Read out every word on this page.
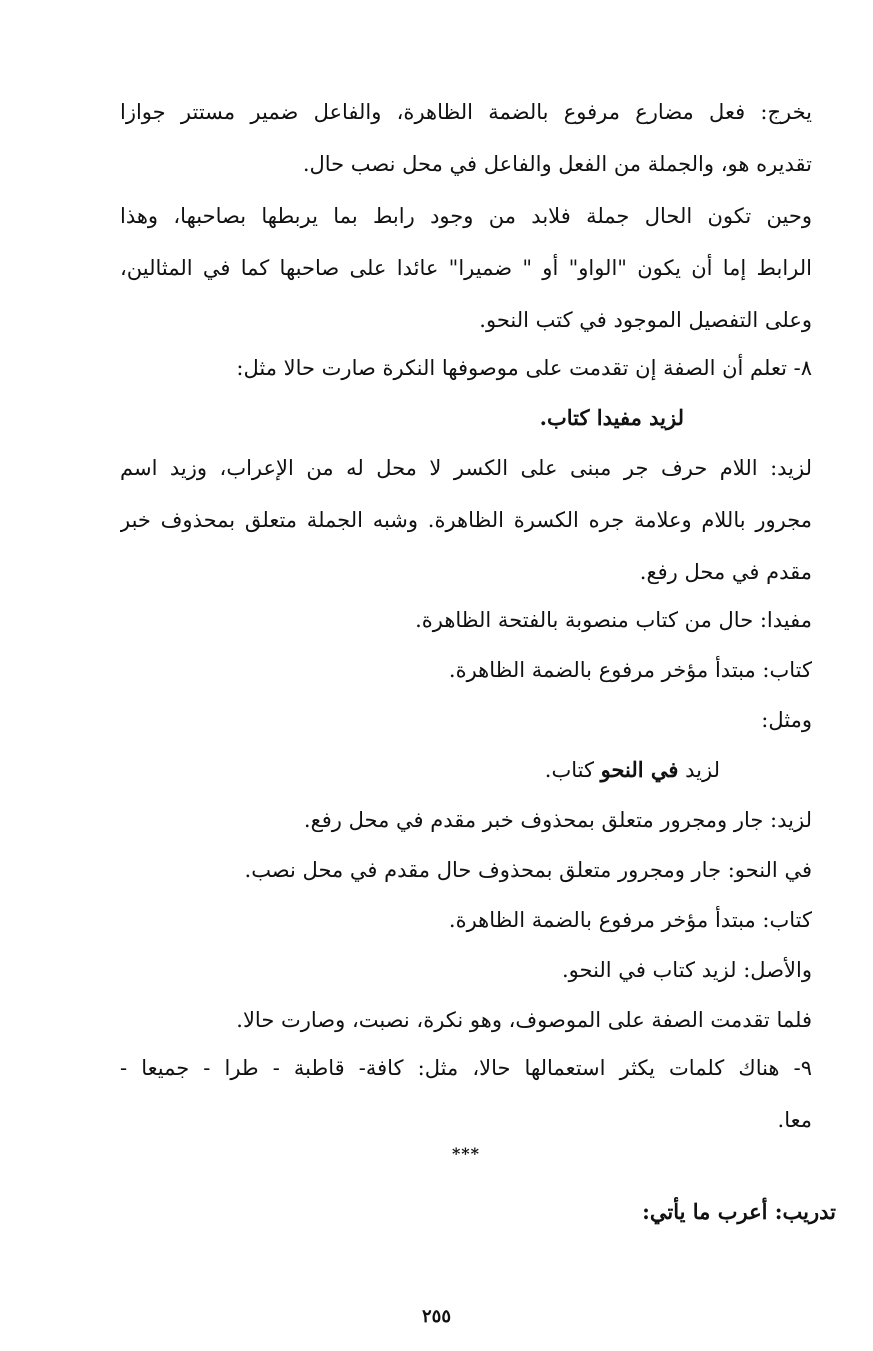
يخرج: فعل مضارع مرفوع بالضمة الظاهرة، والفاعل ضمير مستتر جوازا
تقديره هو، والجملة من الفعل والفاعل في محل نصب حال.
وحين تكون الحال جملة فلابد من وجود رابط بما يربطها بصاحبها، وهذا
الرابط إما أن يكون "الواو" أو " ضميرا" عائدا على صاحبها كما في المثالين،
وعلى التفصيل الموجود في كتب النحو.
٨- تعلم أن الصفة إن تقدمت على موصوفها النكرة صارت حالا مثل:
لزيد مفيدا كتاب.
لزيد: اللام حرف جر مبنى على الكسر لا محل له من الإعراب، وزيد اسم
مجرور باللام وعلامة جره الكسرة الظاهرة. وشبه الجملة متعلق بمحذوف خبر
مقدم في محل رفع.
مفيدا: حال من كتاب منصوبة بالفتحة الظاهرة.
كتاب: مبتدأ مؤخر مرفوع بالضمة الظاهرة.
ومثل:
لزيد في النحو كتاب.
لزيد: جار ومجرور متعلق بمحذوف خبر مقدم في محل رفع.
في النحو: جار ومجرور متعلق بمحذوف حال مقدم في محل نصب.
كتاب: مبتدأ مؤخر مرفوع بالضمة الظاهرة.
والأصل: لزيد كتاب في النحو.
فلما تقدمت الصفة على الموصوف، وهو نكرة، نصبت، وصارت حالا.
٩- هناك كلمات يكثر استعمالها حالا، مثل: كافة- قاطبة - طرا - جميعا -
معا.
***
تدريب: أعرب ما يأتي:
٢٥٥
